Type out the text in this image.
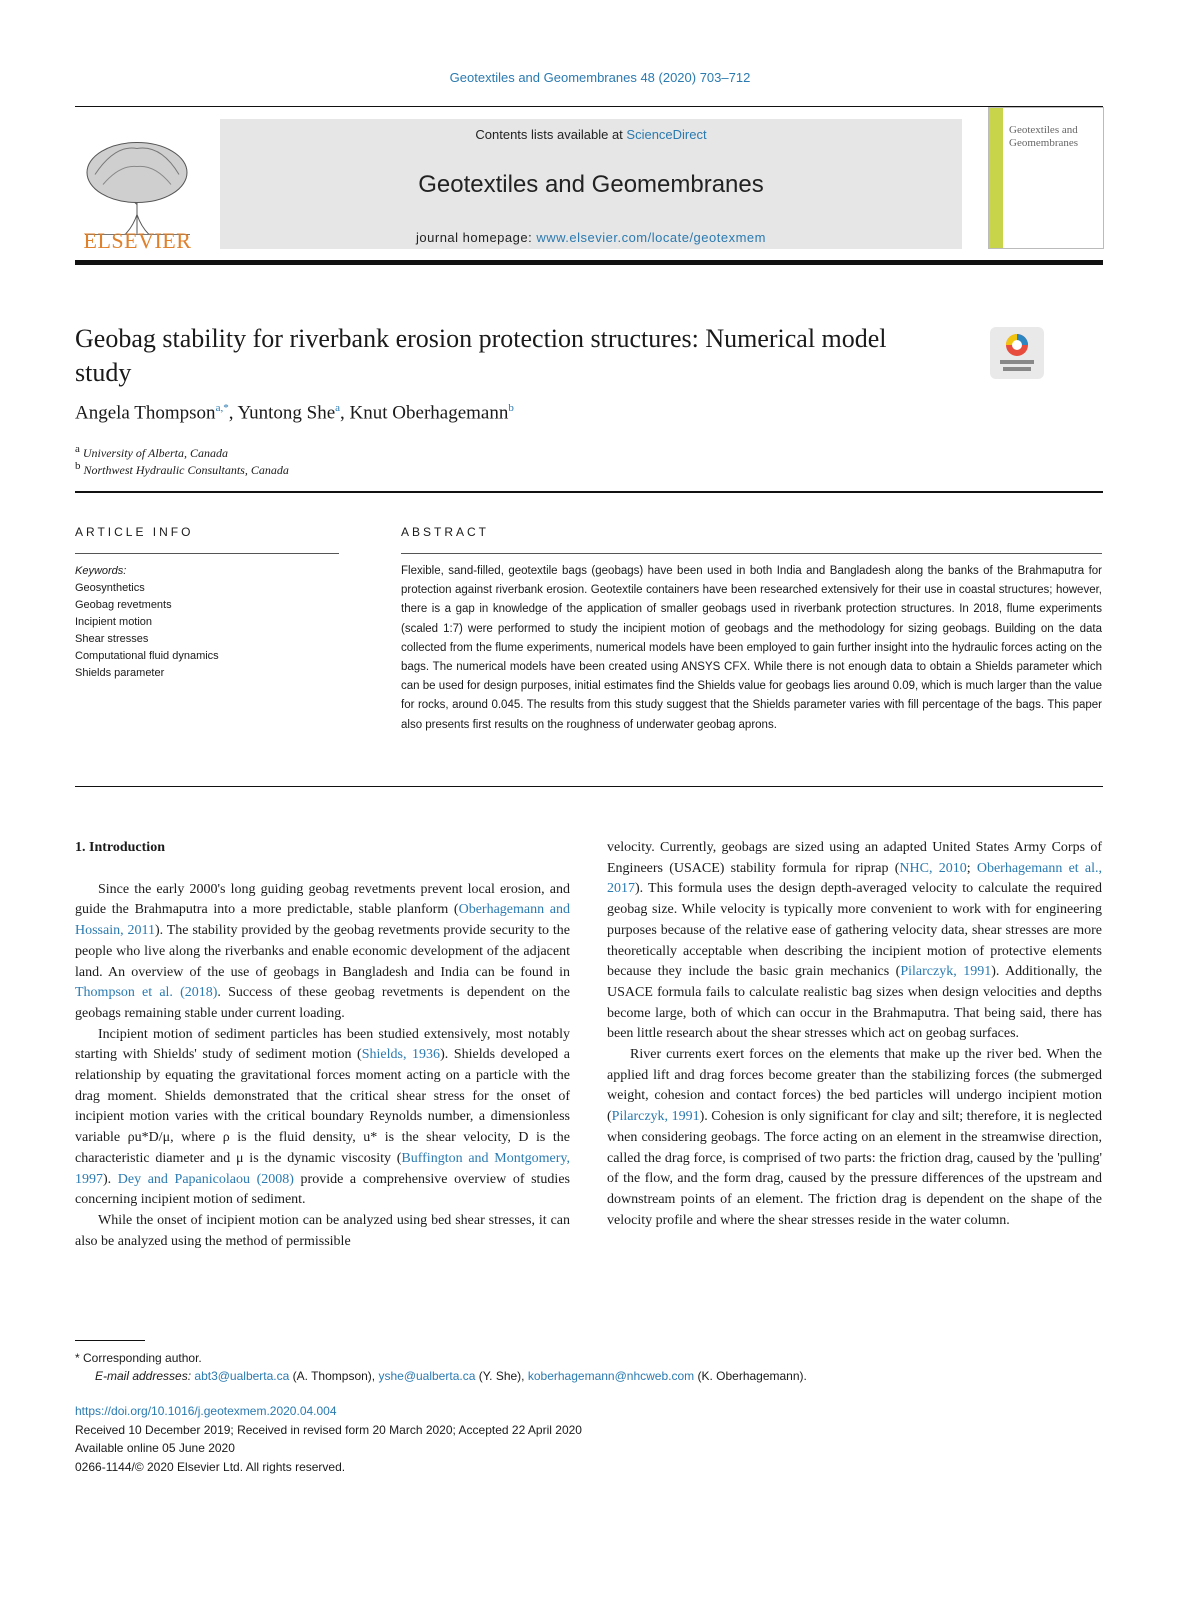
Geotextiles and Geomembranes 48 (2020) 703–712
ELSEVIER
Contents lists available at ScienceDirect
Geotextiles and Geomembranes
journal homepage: www.elsevier.com/locate/geotexmem
Geotextiles and Geomembranes
Geobag stability for riverbank erosion protection structures: Numerical model study
Angela Thompson$^{a,*}$, Yuntong She$^a$, Knut Oberhagemann$^b$
$^a$ University of Alberta, Canada
$^b$ Northwest Hydraulic Consultants, Canada
ARTICLE INFO
Keywords:
Geosynthetics
Geobag revetments
Incipient motion
Shear stresses
Computational fluid dynamics
Shields parameter
ABSTRACT
Flexible, sand-filled, geotextile bags (geobags) have been used in both India and Bangladesh along the banks of the Brahmaputra for protection against riverbank erosion. Geotextile containers have been researched extensively for their use in coastal structures; however, there is a gap in knowledge of the application of smaller geobags used in riverbank protection structures. In 2018, flume experiments (scaled 1:7) were performed to study the incipient motion of geobags and the methodology for sizing geobags. Building on the data collected from the flume experiments, numerical models have been employed to gain further insight into the hydraulic forces acting on the bags. The numerical models have been created using ANSYS CFX. While there is not enough data to obtain a Shields parameter which can be used for design purposes, initial estimates find the Shields value for geobags lies around 0.09, which is much larger than the value for rocks, around 0.045. The results from this study suggest that the Shields parameter varies with fill percentage of the bags. This paper also presents first results on the roughness of underwater geobag aprons.

1. Introduction

Since the early 2000's long guiding geobag revetments prevent local erosion, and guide the Brahmaputra into a more predictable, stable planform (Oberhagemann and Hossain, 2011). The stability provided by the geobag revetments provide security to the people who live along the riverbanks and enable economic development of the adjacent land. An overview of the use of geobags in Bangladesh and India can be found in Thompson et al. (2018). Success of these geobag revetments is dependent on the geobags remaining stable under current loading.

Incipient motion of sediment particles has been studied extensively, most notably starting with Shields' study of sediment motion (Shields, 1936). Shields developed a relationship by equating the gravitational forces moment acting on a particle with the drag moment. Shields demonstrated that the critical shear stress for the onset of incipient motion varies with the critical boundary Reynolds number, a dimensionless variable ρu*D/μ, where ρ is the fluid density, u* is the shear velocity, D is the characteristic diameter and μ is the dynamic viscosity (Buffington and Montgomery, 1997). Dey and Papanicolaou (2008) provide a comprehensive overview of studies concerning incipient motion of sediment.

While the onset of incipient motion can be analyzed using bed shear stresses, it can also be analyzed using the method of permissible

velocity. Currently, geobags are sized using an adapted United States Army Corps of Engineers (USACE) stability formula for riprap (NHC, 2010; Oberhagemann et al., 2017). This formula uses the design depth-averaged velocity to calculate the required geobag size. While velocity is typically more convenient to work with for engineering purposes because of the relative ease of gathering velocity data, shear stresses are more theoretically acceptable when describing the incipient motion of protective elements because they include the basic grain mechanics (Pilarczyk, 1991). Additionally, the USACE formula fails to calculate realistic bag sizes when design velocities and depths become large, both of which can occur in the Brahmaputra. That being said, there has been little research about the shear stresses which act on geobag surfaces.

River currents exert forces on the elements that make up the river bed. When the applied lift and drag forces become greater than the stabilizing forces (the submerged weight, cohesion and contact forces) the bed particles will undergo incipient motion (Pilarczyk, 1991). Cohesion is only significant for clay and silt; therefore, it is neglected when considering geobags. The force acting on an element in the streamwise direction, called the drag force, is comprised of two parts: the friction drag, caused by the 'pulling' of the flow, and the form drag, caused by the pressure differences of the upstream and downstream points of an element. The friction drag is dependent on the shape of the velocity profile and where the shear stresses reside in the water column.

* Corresponding author.
E-mail addresses: abt3@ualberta.ca (A. Thompson), yshe@ualberta.ca (Y. She), koberhagemann@nhcweb.com (K. Oberhagemann).
https://doi.org/10.1016/j.geotexmem.2020.04.004
Received 10 December 2019; Received in revised form 20 March 2020; Accepted 22 April 2020
Available online 05 June 2020
0266-1144/© 2020 Elsevier Ltd. All rights reserved.
